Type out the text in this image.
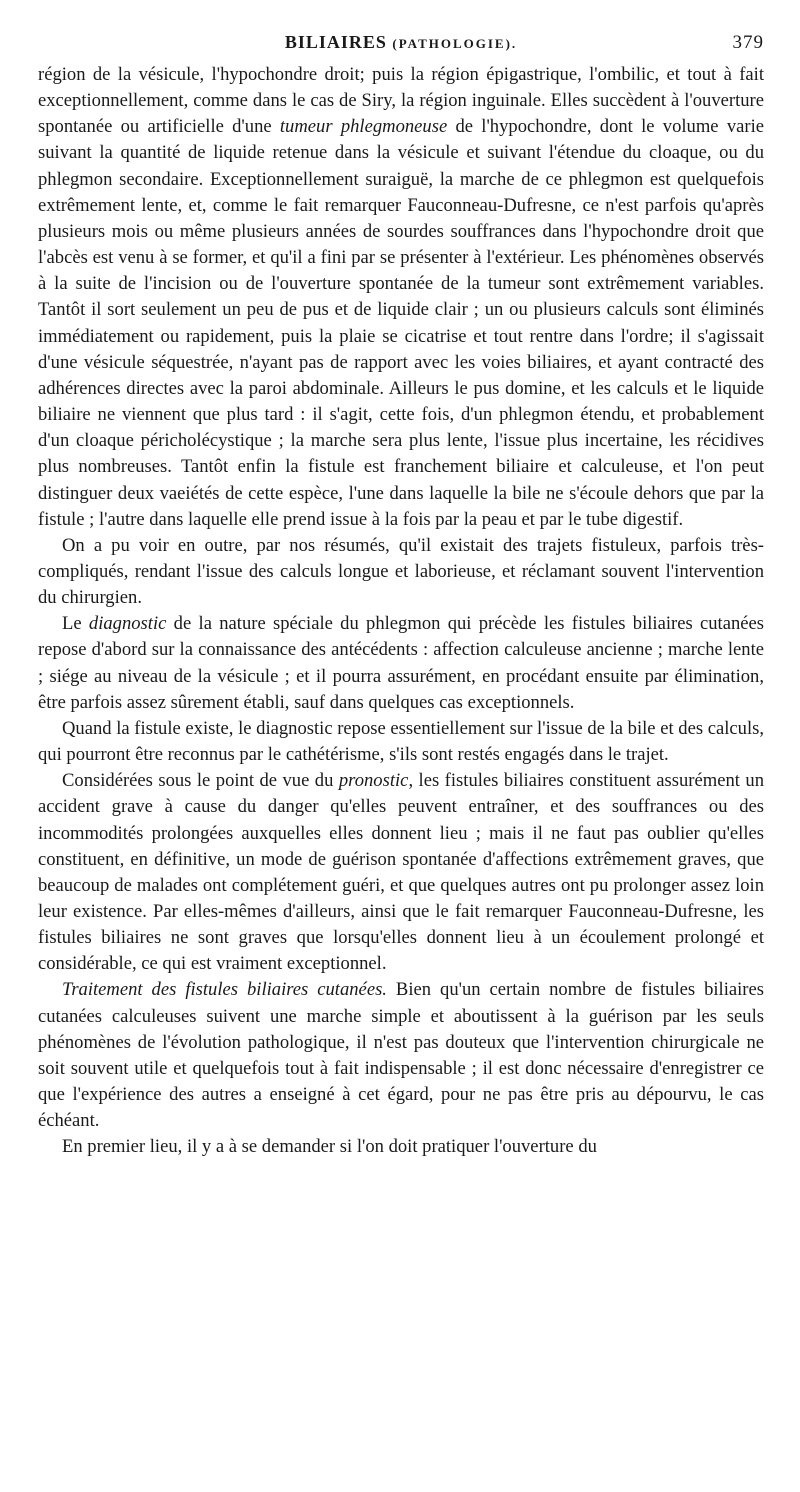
BILIAIRES (PATHOLOGIE).	379

région de la vésicule, l'hypochondre droit; puis la région épigastrique, l'ombilic, et tout à fait exceptionnellement, comme dans le cas de Siry, la région inguinale. Elles succèdent à l'ouverture spontanée ou artificielle d'une tumeur phlegmoneuse de l'hypochondre, dont le volume varie suivant la quantité de liquide retenue dans la vésicule et suivant l'étendue du cloaque, ou du phlegmon secondaire. Exceptionnellement suraiguë, la marche de ce phlegmon est quelquefois extrêmement lente, et, comme le fait remarquer Fauconneau-Dufresne, ce n'est parfois qu'après plusieurs mois ou même plusieurs années de sourdes souffrances dans l'hypochondre droit que l'abcès est venu à se former, et qu'il a fini par se présenter à l'extérieur. Les phénomènes observés à la suite de l'incision ou de l'ouverture spontanée de la tumeur sont extrêmement variables. Tantôt il sort seulement un peu de pus et de liquide clair ; un ou plusieurs calculs sont éliminés immédiatement ou rapidement, puis la plaie se cicatrise et tout rentre dans l'ordre; il s'agissait d'une vésicule séquestrée, n'ayant pas de rapport avec les voies biliaires, et ayant contracté des adhérences directes avec la paroi abdominale. Ailleurs le pus domine, et les calculs et le liquide biliaire ne viennent que plus tard : il s'agit, cette fois, d'un phlegmon étendu, et probablement d'un cloaque péricholécystique ; la marche sera plus lente, l'issue plus incertaine, les récidives plus nombreuses. Tantôt enfin la fistule est franchement biliaire et calculeuse, et l'on peut distinguer deux vaeiétés de cette espèce, l'une dans laquelle la bile ne s'écoule dehors que par la fistule ; l'autre dans laquelle elle prend issue à la fois par la peau et par le tube digestif.

On a pu voir en outre, par nos résumés, qu'il existait des trajets fistuleux, parfois très-compliqués, rendant l'issue des calculs longue et laborieuse, et réclamant souvent l'intervention du chirurgien.

Le diagnostic de la nature spéciale du phlegmon qui précède les fistules biliaires cutanées repose d'abord sur la connaissance des antécédents : affection calculeuse ancienne ; marche lente ; siége au niveau de la vésicule ; et il pourra assurément, en procédant ensuite par élimination, être parfois assez sûrement établi, sauf dans quelques cas exceptionnels.

Quand la fistule existe, le diagnostic repose essentiellement sur l'issue de la bile et des calculs, qui pourront être reconnus par le cathétérisme, s'ils sont restés engagés dans le trajet.

Considérées sous le point de vue du pronostic, les fistules biliaires constituent assurément un accident grave à cause du danger qu'elles peuvent entraîner, et des souffrances ou des incommodités prolongées auxquelles elles donnent lieu ; mais il ne faut pas oublier qu'elles constituent, en définitive, un mode de guérison spontanée d'affections extrêmement graves, que beaucoup de malades ont complétement guéri, et que quelques autres ont pu prolonger assez loin leur existence. Par elles-mêmes d'ailleurs, ainsi que le fait remarquer Fauconneau-Dufresne, les fistules biliaires ne sont graves que lorsqu'elles donnent lieu à un écoulement prolongé et considérable, ce qui est vraiment exceptionnel.

Traitement des fistules biliaires cutanées. Bien qu'un certain nombre de fistules biliaires cutanées calculeuses suivent une marche simple et aboutissent à la guérison par les seuls phénomènes de l'évolution pathologique, il n'est pas douteux que l'intervention chirurgicale ne soit souvent utile et quelquefois tout à fait indispensable ; il est donc nécessaire d'enregistrer ce que l'expérience des autres a enseigné à cet égard, pour ne pas être pris au dépourvu, le cas échéant.

En premier lieu, il y a à se demander si l'on doit pratiquer l'ouverture du
